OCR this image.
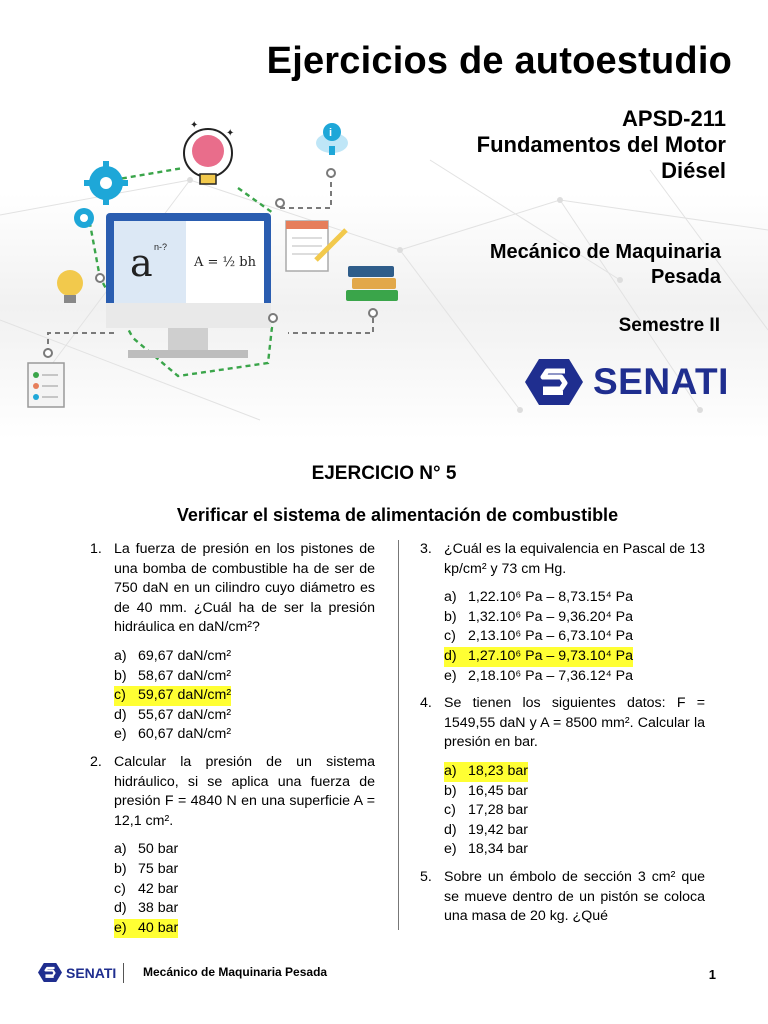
✦
✦	i
a n-?
A = ½ bh
Ejercicios de autoestudio
APSD-211
Fundamentos del Motor
Diésel
Mecánico de Maquinaria
Pesada
Semestre II
SENATI
EJERCICIO N° 5
Verificar el sistema de alimentación de combustible
1. La fuerza de presión en los pistones de una bomba de combustible ha de ser de 750 daN en un cilindro cuyo diámetro es de 40 mm. ¿Cuál ha de ser la presión hidráulica en daN/cm²?
a) 69,67 daN/cm²
b) 58,67 daN/cm²
c) 59,67 daN/cm²
d) 55,67 daN/cm²
e) 60,67 daN/cm²
2. Calcular la presión de un sistema hidráulico, si se aplica una fuerza de presión F = 4840 N en una superficie A = 12,1 cm².
a) 50 bar
b) 75 bar
c) 42 bar
d) 38 bar
e) 40 bar
3. ¿Cuál es la equivalencia en Pascal de 13 kp/cm² y 73 cm Hg.
a) 1,22.10⁶ Pa – 8,73.15⁴ Pa
b) 1,32.10⁶ Pa – 9,36.20⁴ Pa
c) 2,13.10⁶ Pa – 6,73.10⁴ Pa
d) 1,27.10⁶ Pa – 9,73.10⁴ Pa
e) 2,18.10⁶ Pa – 7,36.12⁴ Pa
4. Se tienen los siguientes datos: F = 1549,55 daN y A = 8500 mm². Calcular la presión en bar.
a) 18,23 bar
b) 16,45 bar
c) 17,28 bar
d) 19,42 bar
e) 18,34 bar
5. Sobre un émbolo de sección 3 cm² que se mueve dentro de un pistón se coloca una masa de 20 kg. ¿Qué
SENATI Mecánico de Maquinaria Pesada	1
